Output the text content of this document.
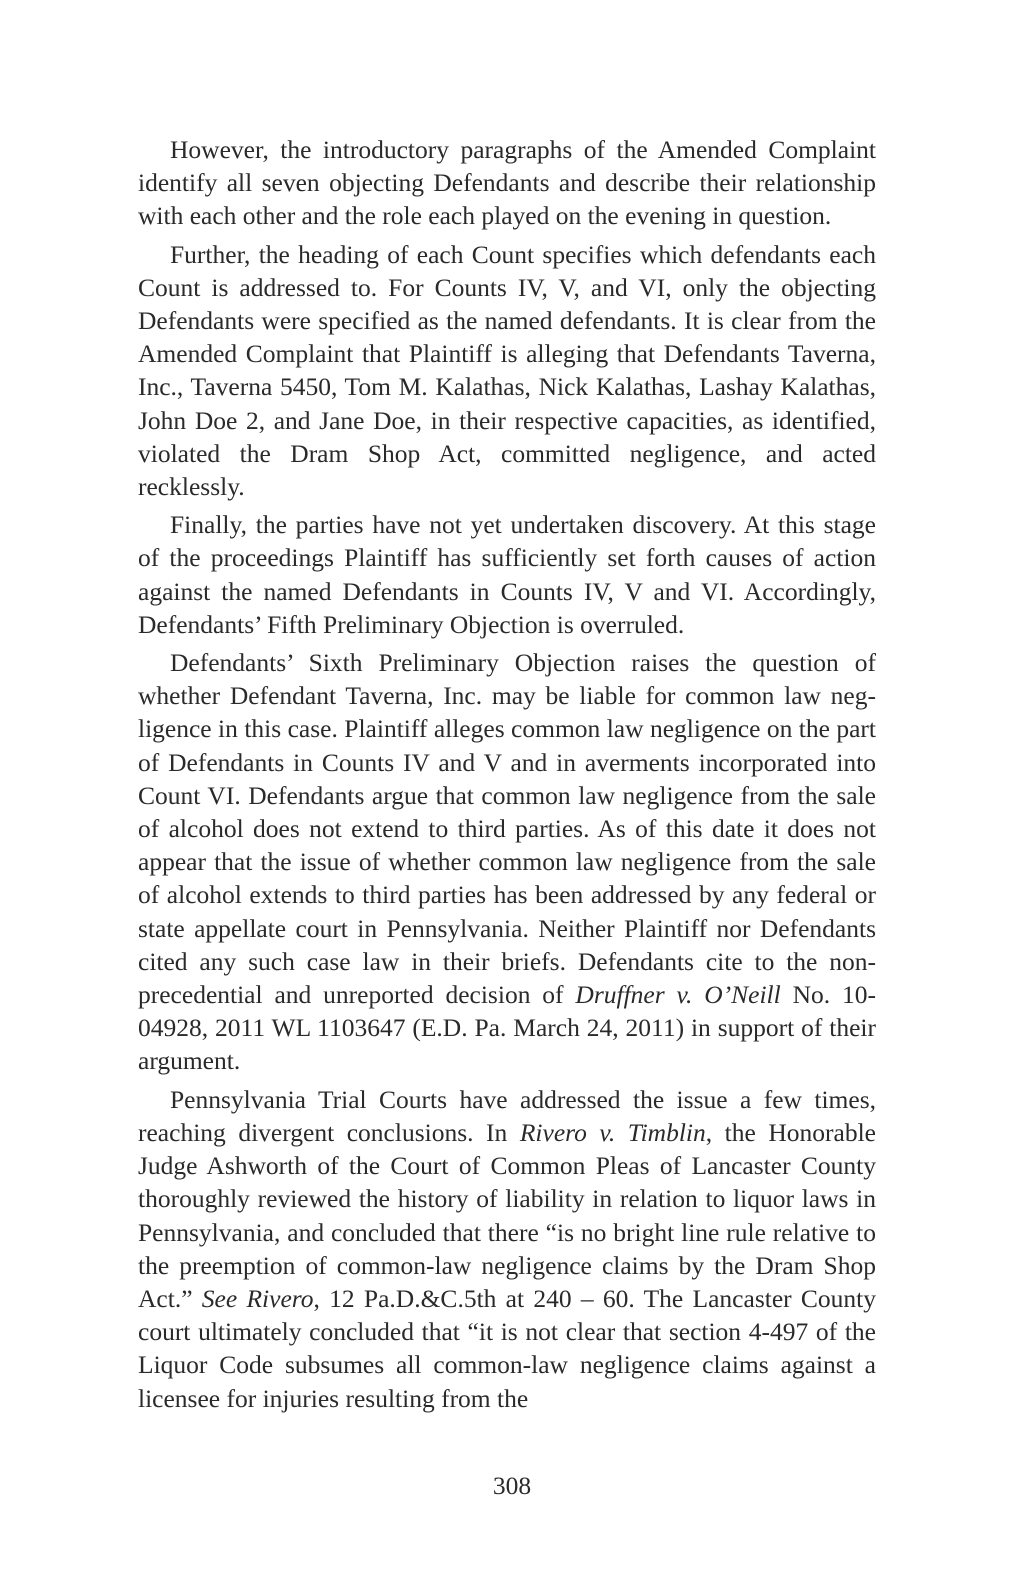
However, the introductory paragraphs of the Amended Complaint identify all seven objecting Defendants and describe their relationship with each other and the role each played on the evening in question.

Further, the heading of each Count specifies which defendants each Count is addressed to. For Counts IV, V, and VI, only the objecting Defendants were specified as the named defendants. It is clear from the Amended Complaint that Plaintiff is alleging that Defendants Taverna, Inc., Taverna 5450, Tom M. Kalathas, Nick Kalathas, Lashay Kalathas, John Doe 2, and Jane Doe, in their respective capacities, as identified, violated the Dram Shop Act, committed negligence, and acted recklessly.

Finally, the parties have not yet undertaken discovery. At this stage of the proceedings Plaintiff has sufficiently set forth causes of action against the named Defendants in Counts IV, V and VI. Accordingly, Defendants’ Fifth Preliminary Objection is overruled.

Defendants’ Sixth Preliminary Objection raises the question of whether Defendant Taverna, Inc. may be liable for common law negligence in this case. Plaintiff alleges common law negligence on the part of Defendants in Counts IV and V and in averments incorporated into Count VI. Defendants argue that common law negligence from the sale of alcohol does not extend to third parties. As of this date it does not appear that the issue of whether common law negligence from the sale of alcohol extends to third parties has been addressed by any federal or state appellate court in Pennsylvania. Neither Plaintiff nor Defendants cited any such case law in their briefs. Defendants cite to the non-precedential and unreported decision of Druffner v. O’Neill No. 10-04928, 2011 WL 1103647 (E.D. Pa. March 24, 2011) in support of their argument.

Pennsylvania Trial Courts have addressed the issue a few times, reaching divergent conclusions. In Rivero v. Timblin, the Honorable Judge Ashworth of the Court of Common Pleas of Lancaster County thoroughly reviewed the history of liability in relation to liquor laws in Pennsylvania, and concluded that there “is no bright line rule relative to the preemption of common-law negligence claims by the Dram Shop Act.” See Rivero, 12 Pa.D.&C.5th at 240 – 60. The Lancaster County court ultimately concluded that “it is not clear that section 4-497 of the Liquor Code subsumes all common-law negligence claims against a licensee for injuries resulting from the

308
